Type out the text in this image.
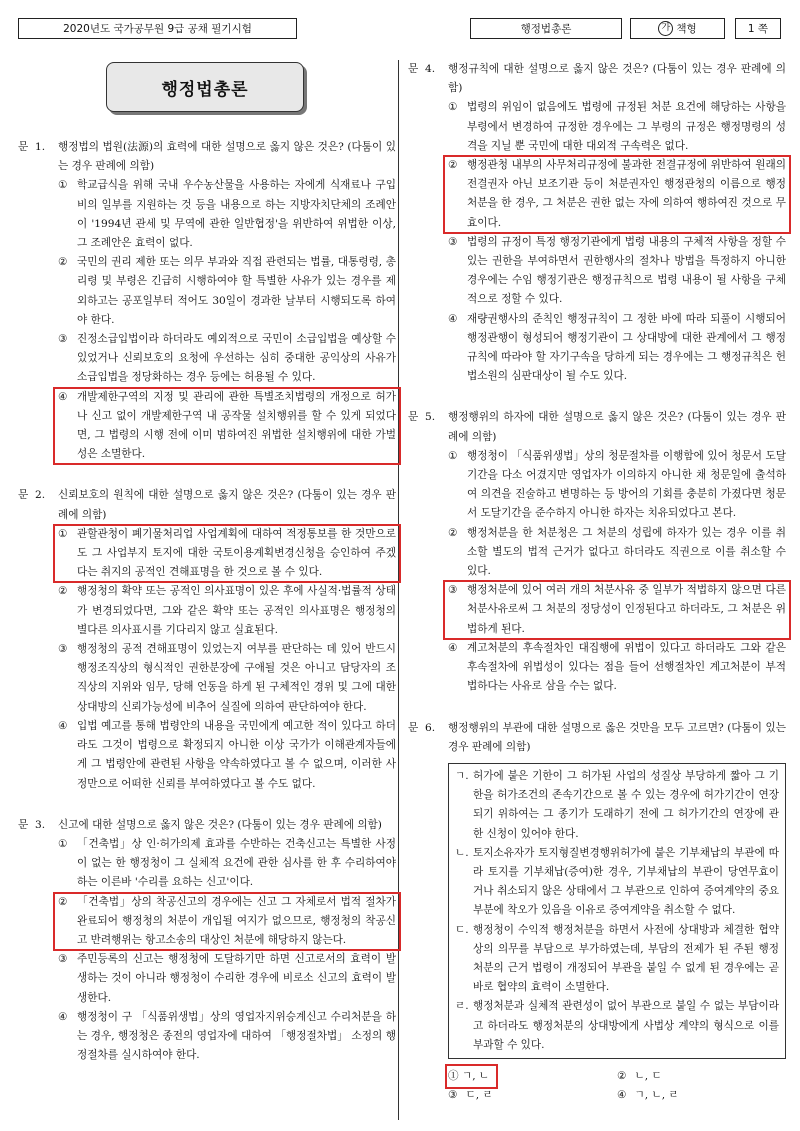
2020년도 국가공무원 9급 공채 필기시험	행정법총론	가 책형	1 쪽
행정법총론
문 1.	행정법의 법원(法源)의 효력에 대한 설명으로 옳지 않은 것은? (다툼이 있는 경우 판례에 의함)
① 학교급식을 위해 국내 우수농산물을 사용하는 자에게 식재료나 구입비의 일부를 지원하는 것 등을 내용으로 하는 지방자치단체의 조례안이 '1994년 관세 및 무역에 관한 일반협정'을 위반하여 위법한 이상, 그 조례안은 효력이 없다.
② 국민의 권리 제한 또는 의무 부과와 직접 관련되는 법률, 대통령령, 총리령 및 부령은 긴급히 시행하여야 할 특별한 사유가 있는 경우를 제외하고는 공포일부터 적어도 30일이 경과한 날부터 시행되도록 하여야 한다.
③ 진정소급입법이라 하더라도 예외적으로 국민이 소급입법을 예상할 수 있었거나 신뢰보호의 요청에 우선하는 심히 중대한 공익상의 사유가 소급입법을 정당화하는 경우 등에는 허용될 수 있다.
④ 개발제한구역의 지정 및 관리에 관한 특별조치법령의 개정으로 허가나 신고 없이 개발제한구역 내 공작물 설치행위를 할 수 있게 되었다면, 그 법령의 시행 전에 이미 범하여진 위법한 설치행위에 대한 가벌성은 소멸한다.
문 2.	신뢰보호의 원칙에 대한 설명으로 옳지 않은 것은? (다툼이 있는 경우 판례에 의함)
① 관할관청이 폐기물처리업 사업계획에 대하여 적정통보를 한 것만으로도 그 사업부지 토지에 대한 국토이용계획변경신청을 승인하여 주겠다는 취지의 공적인 견해표명을 한 것으로 볼 수 있다.
② 행정청의 확약 또는 공적인 의사표명이 있은 후에 사실적·법률적 상태가 변경되었다면, 그와 같은 확약 또는 공적인 의사표명은 행정청의 별다른 의사표시를 기다리지 않고 실효된다.
③ 행정청의 공적 견해표명이 있었는지 여부를 판단하는 데 있어 반드시 행정조직상의 형식적인 권한분장에 구애될 것은 아니고 담당자의 조직상의 지위와 임무, 당해 언동을 하게 된 구체적인 경위 및 그에 대한 상대방의 신뢰가능성에 비추어 실질에 의하여 판단하여야 한다.
④ 입법 예고를 통해 법령안의 내용을 국민에게 예고한 적이 있다고 하더라도 그것이 법령으로 확정되지 아니한 이상 국가가 이해관계자들에게 그 법령안에 관련된 사항을 약속하였다고 볼 수 없으며, 이러한 사정만으로 어떠한 신뢰를 부여하였다고 볼 수도 없다.
문 3.	신고에 대한 설명으로 옳지 않은 것은? (다툼이 있는 경우 판례에 의함)
① 「건축법」상 인·허가의제 효과를 수반하는 건축신고는 특별한 사정이 없는 한 행정청이 그 실체적 요건에 관한 심사를 한 후 수리하여야 하는 이른바 '수리를 요하는 신고'이다.
② 「건축법」상의 착공신고의 경우에는 신고 그 자체로서 법적 절차가 완료되어 행정청의 처분이 개입될 여지가 없으므로, 행정청의 착공신고 반려행위는 항고소송의 대상인 처분에 해당하지 않는다.
③ 주민등록의 신고는 행정청에 도달하기만 하면 신고로서의 효력이 발생하는 것이 아니라 행정청이 수리한 경우에 비로소 신고의 효력이 발생한다.
④ 행정청이 구 「식품위생법」상의 영업자지위승계신고 수리처분을 하는 경우, 행정청은 종전의 영업자에 대하여 「행정절차법」 소정의 행정절차를 실시하여야 한다.
문 4.	행정규칙에 대한 설명으로 옳지 않은 것은? (다툼이 있는 경우 판례에 의함)
① 법령의 위임이 없음에도 법령에 규정된 처분 요건에 해당하는 사항을 부령에서 변경하여 규정한 경우에는 그 부령의 규정은 행정명령의 성격을 지닐 뿐 국민에 대한 대외적 구속력은 없다.
② 행정관청 내부의 사무처리규정에 불과한 전결규정에 위반하여 원래의 전결권자 아닌 보조기관 등이 처분권자인 행정관청의 이름으로 행정처분을 한 경우, 그 처분은 권한 없는 자에 의하여 행하여진 것으로 무효이다.
③ 법령의 규정이 특정 행정기관에게 법령 내용의 구체적 사항을 정할 수 있는 권한을 부여하면서 권한행사의 절차나 방법을 특정하지 아니한 경우에는 수임 행정기관은 행정규칙으로 법령 내용이 될 사항을 구체적으로 정할 수 있다.
④ 재량권행사의 준칙인 행정규칙이 그 정한 바에 따라 되풀이 시행되어 행정관행이 형성되어 행정기관이 그 상대방에 대한 관계에서 그 행정규칙에 따라야 할 자기구속을 당하게 되는 경우에는 그 행정규칙은 헌법소원의 심판대상이 될 수도 있다.
문 5.	행정행위의 하자에 대한 설명으로 옳지 않은 것은? (다툼이 있는 경우 판례에 의함)
① 행정청이 「식품위생법」상의 청문절차를 이행함에 있어 청문서 도달기간을 다소 어겼지만 영업자가 이의하지 아니한 채 청문일에 출석하여 의견을 진술하고 변명하는 등 방어의 기회를 충분히 가졌다면 청문서 도달기간을 준수하지 아니한 하자는 치유되었다고 본다.
② 행정처분을 한 처분청은 그 처분의 성립에 하자가 있는 경우 이를 취소할 별도의 법적 근거가 없다고 하더라도 직권으로 이를 취소할 수 있다.
③ 행정처분에 있어 여러 개의 처분사유 중 일부가 적법하지 않으면 다른 처분사유로써 그 처분의 정당성이 인정된다고 하더라도, 그 처분은 위법하게 된다.
④ 계고처분의 후속절차인 대집행에 위법이 있다고 하더라도 그와 같은 후속절차에 위법성이 있다는 점을 들어 선행절차인 계고처분이 부적법하다는 사유로 삼을 수는 없다.
문 6.	행정행위의 부관에 대한 설명으로 옳은 것만을 모두 고르면? (다툼이 있는 경우 판례에 의함)
ㄱ. 허가에 붙은 기한이 그 허가된 사업의 성질상 부당하게 짧아 그 기한을 허가조건의 존속기간으로 볼 수 있는 경우에 허가기간이 연장되기 위하여는 그 종기가 도래하기 전에 그 허가기간의 연장에 관한 신청이 있어야 한다.
ㄴ. 토지소유자가 토지형질변경행위허가에 붙은 기부채납의 부관에 따라 토지를 기부채납(증여)한 경우, 기부채납의 부관이 당연무효이거나 취소되지 않은 상태에서 그 부관으로 인하여 증여계약의 중요 부분에 착오가 있음을 이유로 증여계약을 취소할 수 없다.
ㄷ. 행정청이 수익적 행정처분을 하면서 사전에 상대방과 체결한 협약상의 의무를 부담으로 부가하였는데, 부담의 전제가 된 주된 행정처분의 근거 법령이 개정되어 부관을 붙일 수 없게 된 경우에는 곧바로 협약의 효력이 소멸한다.
ㄹ. 행정처분과 실체적 관련성이 없어 부관으로 붙일 수 없는 부담이라고 하더라도 행정처분의 상대방에게 사법상 계약의 형식으로 이를 부과할 수 있다.
① ㄱ, ㄴ	② ㄴ, ㄷ
③ ㄷ, ㄹ	④ ㄱ, ㄴ, ㄹ
